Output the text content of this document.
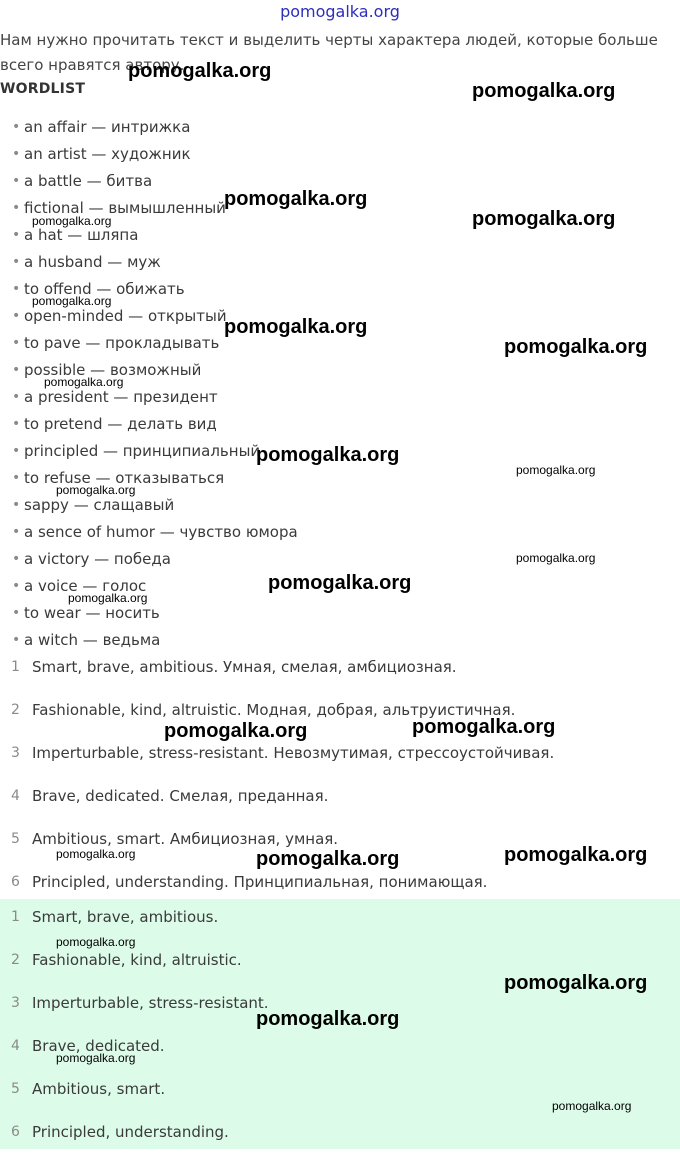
pomogalka.org
Нам нужно прочитать текст и выделить черты характера людей, которые больше всего нравятся автору.
WORDLIST
• an affair — интрижка
• an artist — художник
• a battle — битва
• fictional — вымышленный
• a hat — шляпа
• a husband — муж
• to offend — обижать
• open-minded — открытый
• to pave — прокладывать
• possible — возможный
• a president — президент
• to pretend — делать вид
• principled — принципиальный
• to refuse — отказываться
• sappy — слащавый
• a sence of humor — чувство юмора
• a victory — победа
• a voice — голос
• to wear — носить
• a witch — ведьма
1 Smart, brave, ambitious. Умная, смелая, амбициозная.
2 Fashionable, kind, altruistic. Модная, добрая, альтруистичная.
3 Imperturbable, stress-resistant. Невозмутимая, стрессоустойчивая.
4 Brave, dedicated. Смелая, преданная.
5 Ambitious, smart. Амбициозная, умная.
6 Principled, understanding. Принципиальная, понимающая.
1 Smart, brave, ambitious.
2 Fashionable, kind, altruistic.
3 Imperturbable, stress-resistant.
4 Brave, dedicated.
5 Ambitious, smart.
6 Principled, understanding.
pomogalka.org
pomogalka.org
pomogalka.org
pomogalka.org
pomogalka.org
pomogalka.org
pomogalka.org
pomogalka.org
pomogalka.org
pomogalka.org
pomogalka.org
pomogalka.org
pomogalka.org
pomogalka.org
pomogalka.org
pomogalka.org
pomogalka.org
pomogalka.org	pomogalka.org
pomogalka.org
pomogalka.org
pomogalka.org
pomogalka.org
pomogalka.org
pomogalka.org
